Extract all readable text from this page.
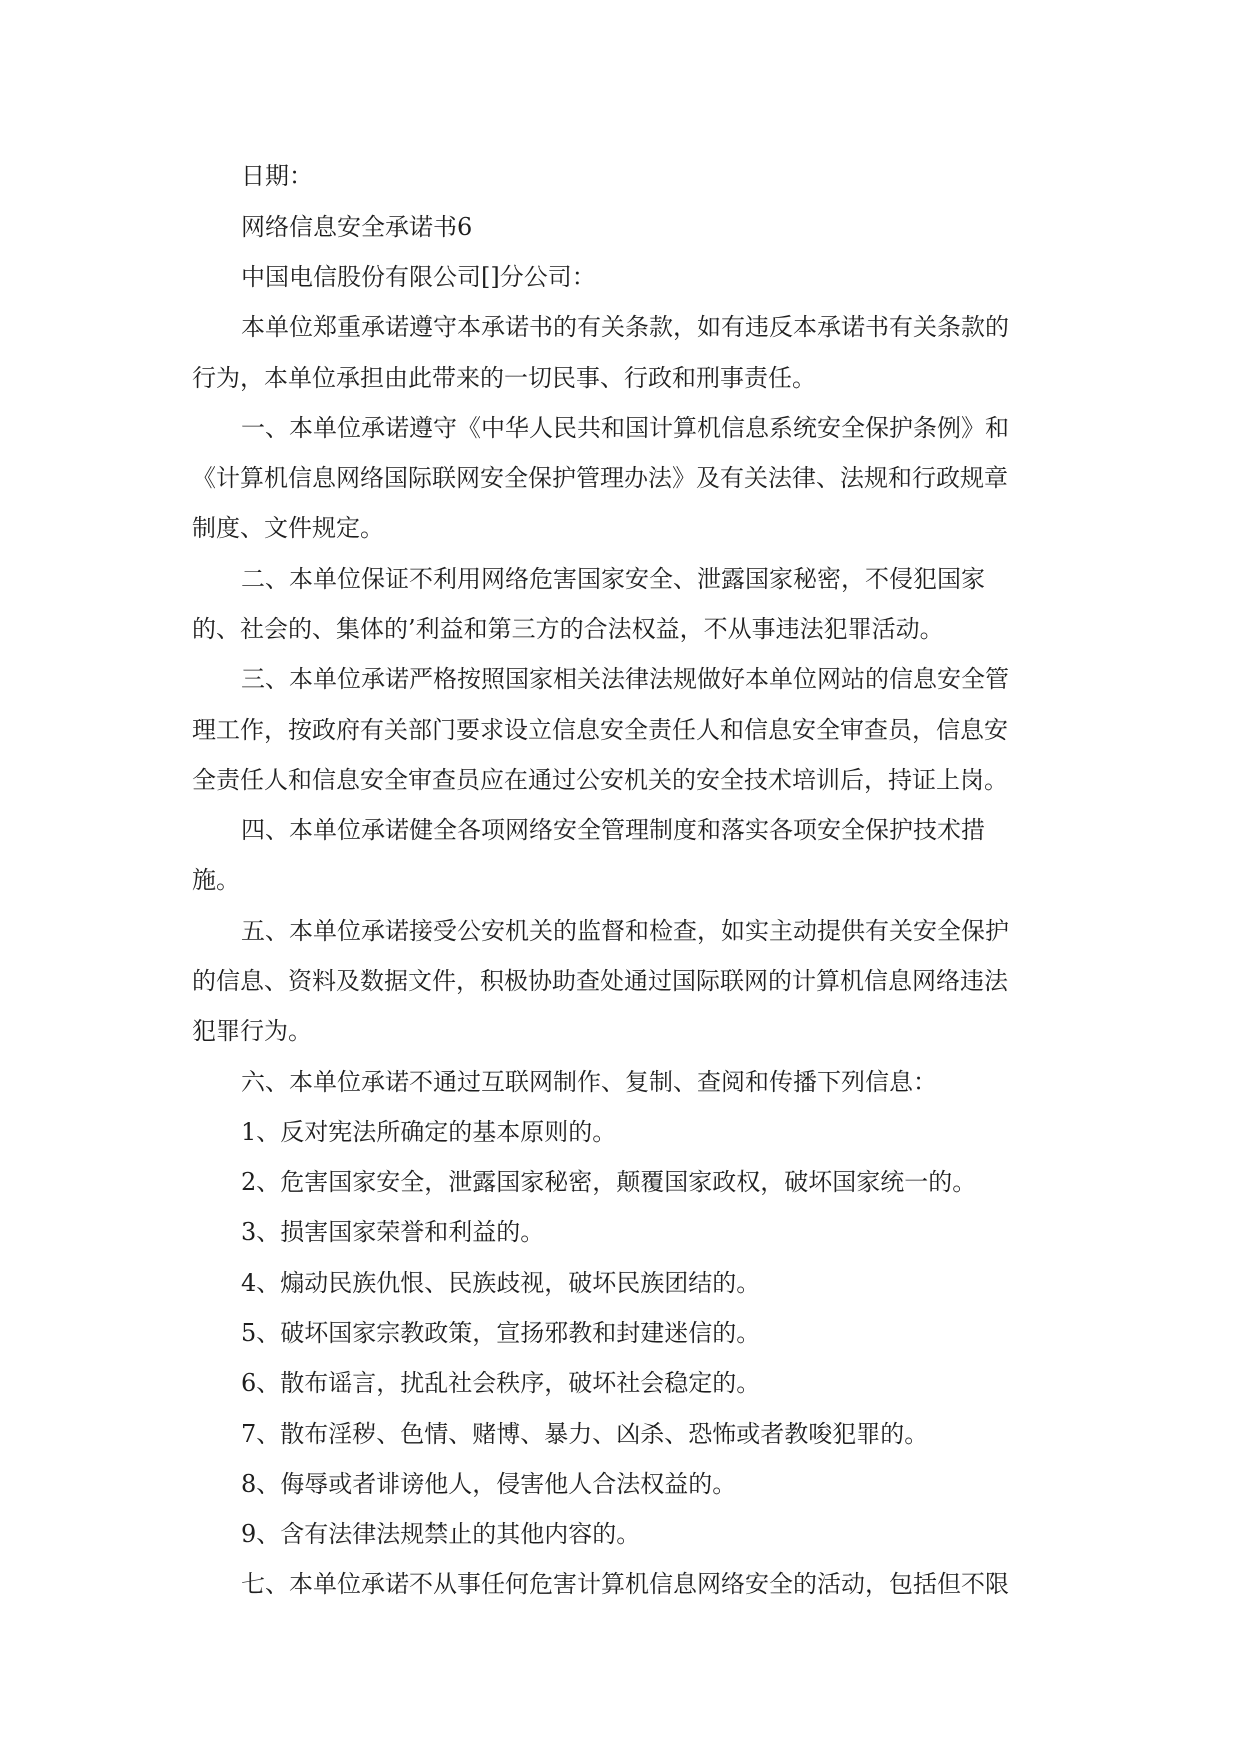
日期：

网络信息安全承诺书6

中国电信股份有限公司[]分公司：

本单位郑重承诺遵守本承诺书的有关条款，如有违反本承诺书有关条款的

行为，本单位承担由此带来的一切民事、行政和刑事责任。

一、本单位承诺遵守《中华人民共和国计算机信息系统安全保护条例》和

《计算机信息网络国际联网安全保护管理办法》及有关法律、法规和行政规章

制度、文件规定。

二、本单位保证不利用网络危害国家安全、泄露国家秘密，不侵犯国家

的、社会的、集体的’利益和第三方的合法权益，不从事违法犯罪活动。

三、本单位承诺严格按照国家相关法律法规做好本单位网站的信息安全管

理工作，按政府有关部门要求设立信息安全责任人和信息安全审查员，信息安

全责任人和信息安全审查员应在通过公安机关的安全技术培训后，持证上岗。

四、本单位承诺健全各项网络安全管理制度和落实各项安全保护技术措

施。

五、本单位承诺接受公安机关的监督和检查，如实主动提供有关安全保护

的信息、资料及数据文件，积极协助查处通过国际联网的计算机信息网络违法

犯罪行为。

六、本单位承诺不通过互联网制作、复制、查阅和传播下列信息：

1、反对宪法所确定的基本原则的。

2、危害国家安全，泄露国家秘密，颠覆国家政权，破坏国家统一的。

3、损害国家荣誉和利益的。

4、煽动民族仇恨、民族歧视，破坏民族团结的。

5、破坏国家宗教政策，宣扬邪教和封建迷信的。

6、散布谣言，扰乱社会秩序，破坏社会稳定的。

7、散布淫秽、色情、赌博、暴力、凶杀、恐怖或者教唆犯罪的。

8、侮辱或者诽谤他人，侵害他人合法权益的。

9、含有法律法规禁止的其他内容的。

七、本单位承诺不从事任何危害计算机信息网络安全的活动，包括但不限
